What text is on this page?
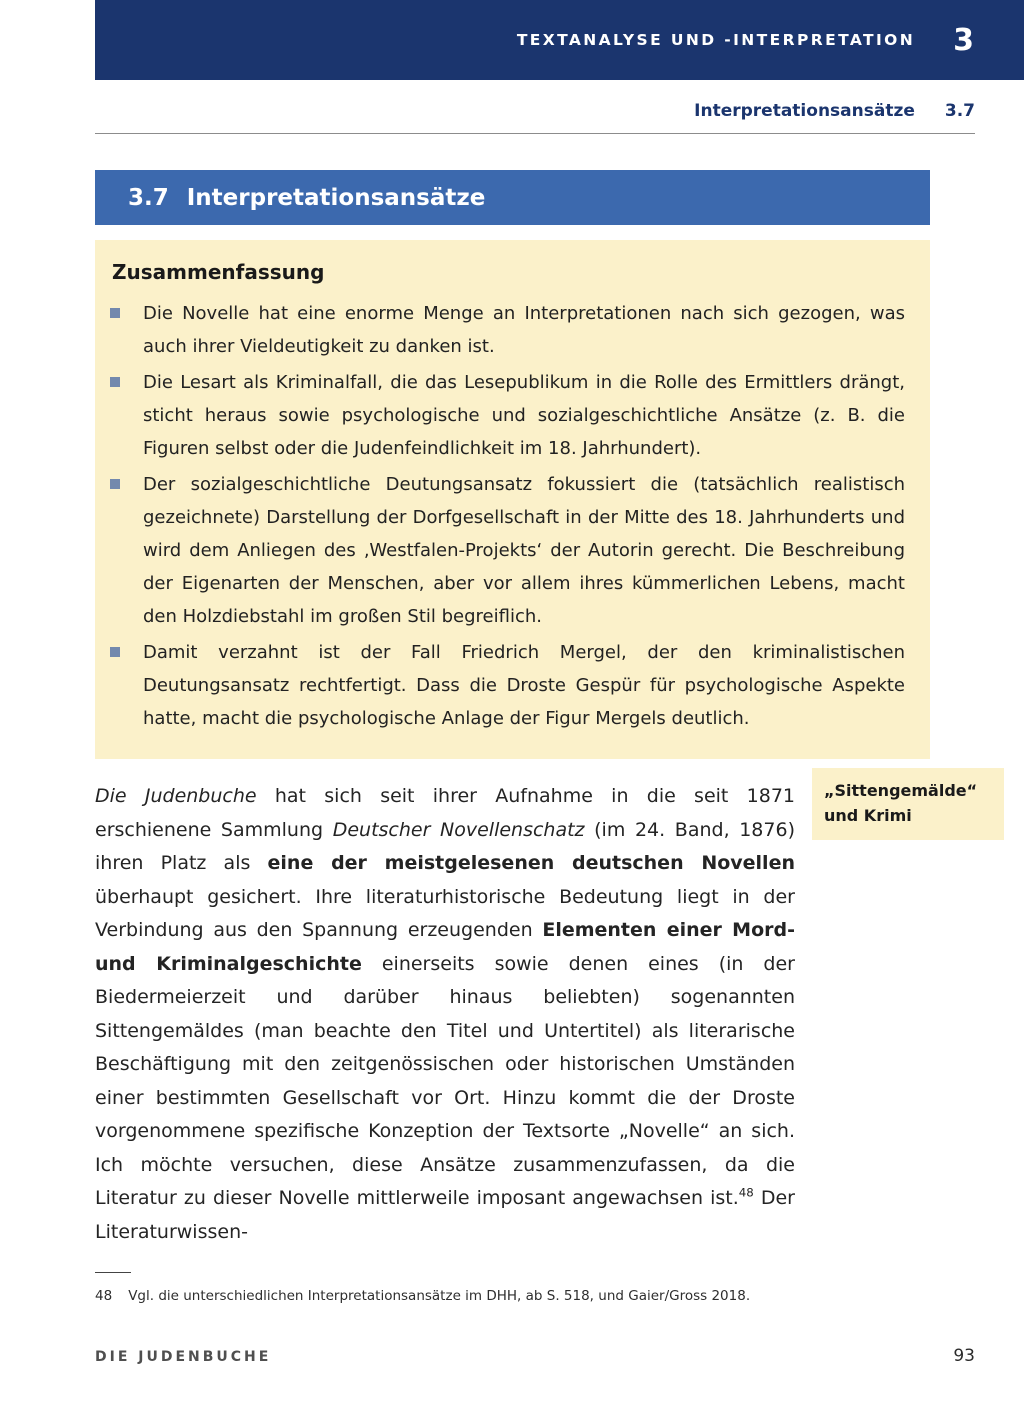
TEXTANALYSE UND -INTERPRETATION 3
Interpretationsansätze 3.7
3.7 Interpretationsansätze
Zusammenfassung
Die Novelle hat eine enorme Menge an Interpretationen nach sich gezogen, was auch ihrer Vieldeutigkeit zu danken ist.
Die Lesart als Kriminalfall, die das Lesepublikum in die Rolle des Ermittlers drängt, sticht heraus sowie psychologische und sozialgeschichtliche Ansätze (z. B. die Figuren selbst oder die Judenfeindlichkeit im 18. Jahrhundert).
Der sozialgeschichtliche Deutungsansatz fokussiert die (tatsächlich realistisch gezeichnete) Darstellung der Dorfgesellschaft in der Mitte des 18. Jahrhunderts und wird dem Anliegen des ‚Westfalen-Projekts‘ der Autorin gerecht. Die Beschreibung der Eigenarten der Menschen, aber vor allem ihres kümmerlichen Lebens, macht den Holzdiebstahl im großen Stil begreiflich.
Damit verzahnt ist der Fall Friedrich Mergel, der den kriminalistischen Deutungsansatz rechtfertigt. Dass die Droste Gespür für psychologische Aspekte hatte, macht die psychologische Anlage der Figur Mergels deutlich.

Die Judenbuche hat sich seit ihrer Aufnahme in die seit 1871 erschienene Sammlung Deutscher Novellenschatz (im 24. Band, 1876) ihren Platz als eine der meistgelesenen deutschen Novellen überhaupt gesichert. Ihre literaturhistorische Bedeutung liegt in der Verbindung aus den Spannung erzeugenden Elementen einer Mord- und Kriminalgeschichte einerseits sowie denen eines (in der Biedermeierzeit und darüber hinaus beliebten) sogenannten Sittengemäldes (man beachte den Titel und Untertitel) als literarische Beschäftigung mit den zeitgenössischen oder historischen Umständen einer bestimmten Gesellschaft vor Ort. Hinzu kommt die der Droste vorgenommene spezifische Konzeption der Textsorte „Novelle“ an sich. Ich möchte versuchen, diese Ansätze zusammenzufassen, da die Literatur zu dieser Novelle mittlerweile imposant angewachsen ist.$^{48}$ Der Literaturwissen-

„Sittengemälde“
und Krimi
48 Vgl. die unterschiedlichen Interpretationsansätze im DHH, ab S. 518, und Gaier/Gross 2018.
DIE JUDENBUCHE	93
